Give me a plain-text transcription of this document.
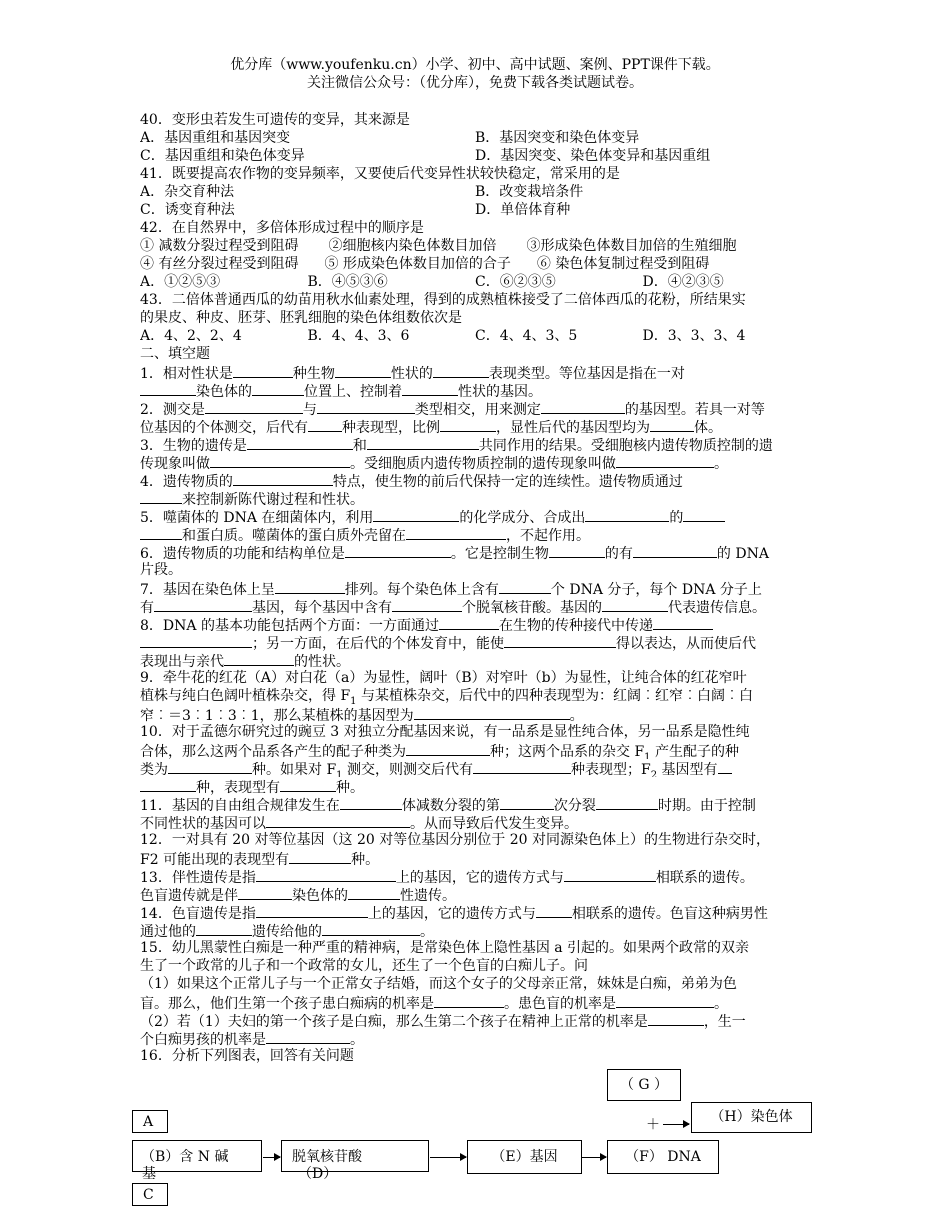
优分库（www.youfenku.cn）小学、初中、高中试题、案例、PPT课件下载。
关注微信公众号：（优分库），免费下载各类试题试卷。
40．变形虫若发生可遗传的变异，其来源是
A．基因重组和基因突变	B．基因突变和染色体变异
C．基因重组和染色体变异	D．基因突变、染色体变异和基因重组
41．既要提高农作物的变异频率，又要使后代变异性状较快稳定，常采用的是
A．杂交育种法	B．改变栽培条件
C．诱变育种法	D．单倍体育种
42．在自然界中，多倍体形成过程中的顺序是
① 减数分裂过程受到阻碍 ②细胞核内染色体数目加倍 ③形成染色体数目加倍的生殖细胞
④ 有丝分裂过程受到阻碍 ⑤ 形成染色体数目加倍的合子 ⑥ 染色体复制过程受到阻碍
A．①②⑤③	B．④⑤③⑥	C．⑥②③⑤	D．④②③⑤
43．二倍体普通西瓜的幼苗用秋水仙素处理，得到的成熟植株接受了二倍体西瓜的花粉，所结果实
的果皮、种皮、胚芽、胚乳细胞的染色体组数依次是
A．4、2、2、4	B．4、4、3、6	C．4、4、3、5	D．3、3、3、4
二、填空题
1．相对性状是	种生物	性状的	表现类型。等位基因是指在一对
染色体的	位置上、控制着	性状的基因。
2．测交是	与	类型相交，用来测定	的基因型。若具一对等
位基因的个体测交，后代有 种表现型，比例	，显性后代的基因型均为	体。
3．生物的遗传是	和	共同作用的结果。受细胞核内遗传物质控制的遗
传现象叫做	。受细胞质内遗传物质控制的遗传现象叫做	。
4．遗传物质的	特点，使生物的前后代保持一定的连续性。遗传物质通过
来控制新陈代谢过程和性状。
5．噬菌体的 DNA 在细菌体内，利用	的化学成分、合成出	的
和蛋白质。噬菌体的蛋白质外壳留在	，不起作用。
6．遗传物质的功能和结构单位是	。它是控制生物	的有	的 DNA
片段。
7．基因在染色体上呈	排列。每个染色体上含有	个 DNA 分子，每个 DNA 分子上
有	基因，每个基因中含有	个脱氧核苷酸。基因的	代表遗传信息。
8．DNA 的基本功能包括两个方面：一方面通过	在生物的传种接代中传递
；另一方面，在后代的个体发育中，能使	得以表达，从而使后代
表现出与亲代	的性状。
9．牵牛花的红花（A）对白花（a）为显性，阔叶（B）对窄叶（b）为显性，让纯合体的红花窄叶
植株与纯白色阔叶植株杂交，得 $F_1$ 与某植株杂交，后代中的四种表现型为：红阔︰红窄︰白阔︰白
窄︰＝3︰1︰3︰1，那么某植株的基因型为	。
10．对于孟德尔研究过的豌豆 3 对独立分配基因来说，有一品系是显性纯合体，另一品系是隐性纯
合体，那么这两个品系各产生的配子种类为	种；这两个品系的杂交 $F_1$ 产生配子的种
类为	种。如果对 $F_1$ 测交，则测交后代有	种表现型；$F_2$ 基因型有
种，表现型有	种。
11．基因的自由组合规律发生在	体减数分裂的第	次分裂	时期。由于控制
不同性状的基因可以	。从而导致后代发生变异。
12．一对具有 20 对等位基因（这 20 对等位基因分别位于 20 对同源染色体上）的生物进行杂交时，
F2 可能出现的表现型有	种。
13．伴性遗传是指	上的基因，它的遗传方式与	相联系的遗传。
色盲遗传就是伴	染色体的	性遗传。
14．色盲遗传是指	上的基因，它的遗传方式与	相联系的遗传。色盲这种病男性
通过他的	遗传给他的	。
15．幼儿黑蒙性白痴是一种严重的精神病，是常染色体上隐性基因 a 引起的。如果两个政常的双亲
生了一个政常的儿子和一个政常的女儿，还生了一个色盲的白痴儿子。问
（1）如果这个正常儿子与一个正常女子结婚，而这个女子的父母亲正常，妹妹是白痴，弟弟为色
盲。那么，他们生第一个孩子患白痴病的机率是	。患色盲的机率是	。
（2）若（1）夫妇的第一个孩子是白痴，那么生第二个孩子在精神上正常的机率是	，生一
个白痴男孩的机率是	。
16．分析下列图表，回答有关问题
（ G ）
（H）染色体
A	＋
（B）含 N 碱
基
脱氧核苷酸
（D）
（E）基因	（F） DNA
C
